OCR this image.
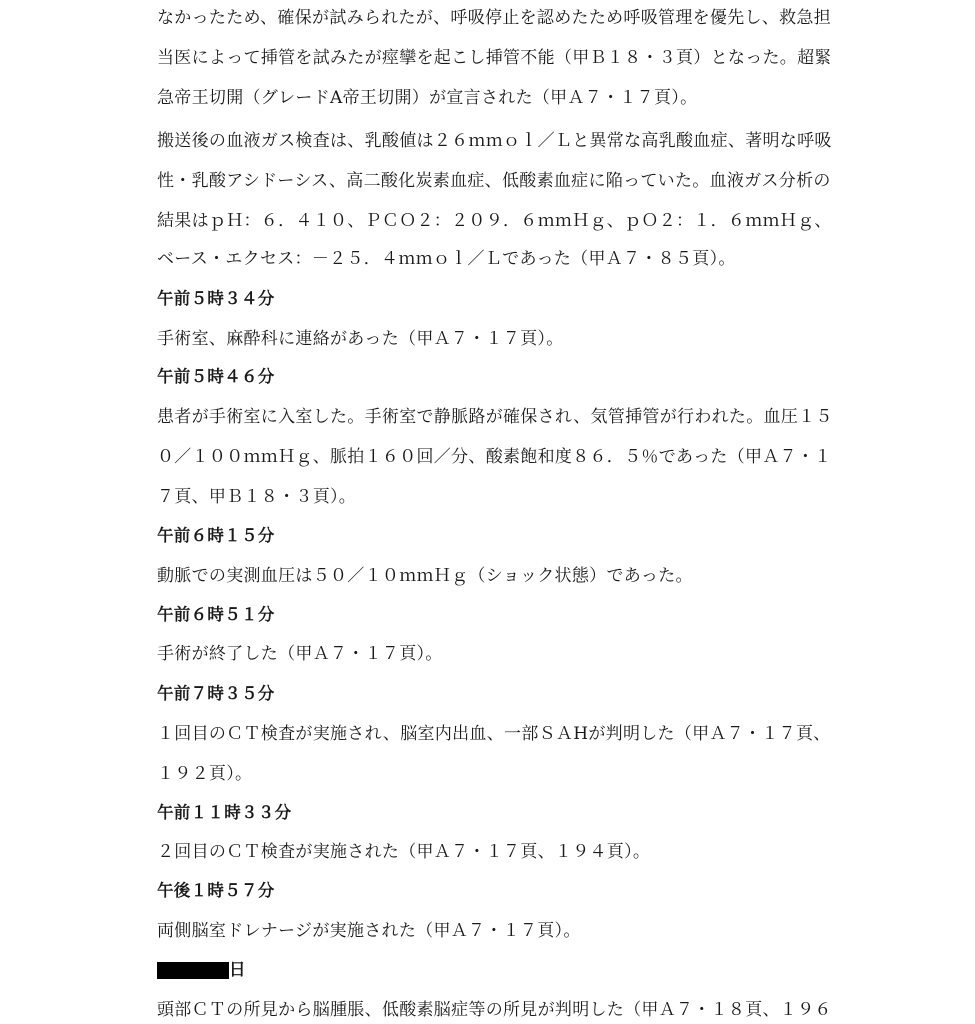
なかったため、確保が試みられたが、呼吸停止を認めたため呼吸管理を優先し、救急担
当医によって挿管を試みたが痙攣を起こし挿管不能（甲Ｂ１８・３頁）となった。超緊
急帝王切開（グレードA帝王切開）が宣言された（甲Ａ７・１７頁）。
搬送後の血液ガス検査は、乳酸値は２６ｍｍｏｌ／Ｌと異常な高乳酸血症、著明な呼吸
性・乳酸アシドーシス、高二酸化炭素血症、低酸素血症に陥っていた。血液ガス分析の
結果はｐＨ：６．４１０、ＰＣＯ２：２０９．６ｍｍＨｇ、ｐＯ２：１．６ｍｍＨｇ、
ベース・エクセス：－２５．４ｍｍｏｌ／Ｌであった（甲Ａ７・８５頁）。
午前５時３４分
手術室、麻酔科に連絡があった（甲Ａ７・１７頁）。
午前５時４６分
患者が手術室に入室した。手術室で静脈路が確保され、気管挿管が行われた。血圧１５
０／１００ｍｍＨｇ、脈拍１６０回／分、酸素飽和度８６．５％であった（甲Ａ７・１
７頁、甲Ｂ１８・３頁）。
午前６時１５分
動脈での実測血圧は５０／１０ｍｍＨｇ（ショック状態）であった。
午前６時５１分
手術が終了した（甲Ａ７・１７頁）。
午前７時３５分
１回目のＣＴ検査が実施され、脳室内出血、一部ＳＡHが判明した（甲Ａ７・１７頁、
１９２頁）。
午前１１時３３分
２回目のＣＴ検査が実施された（甲Ａ７・１７頁、１９４頁）。
午後１時５７分
両側脳室ドレナージが実施された（甲Ａ７・１７頁）。
日
頭部ＣＴの所見から脳腫脹、低酸素脳症等の所見が判明した（甲Ａ７・１８頁、１９６
